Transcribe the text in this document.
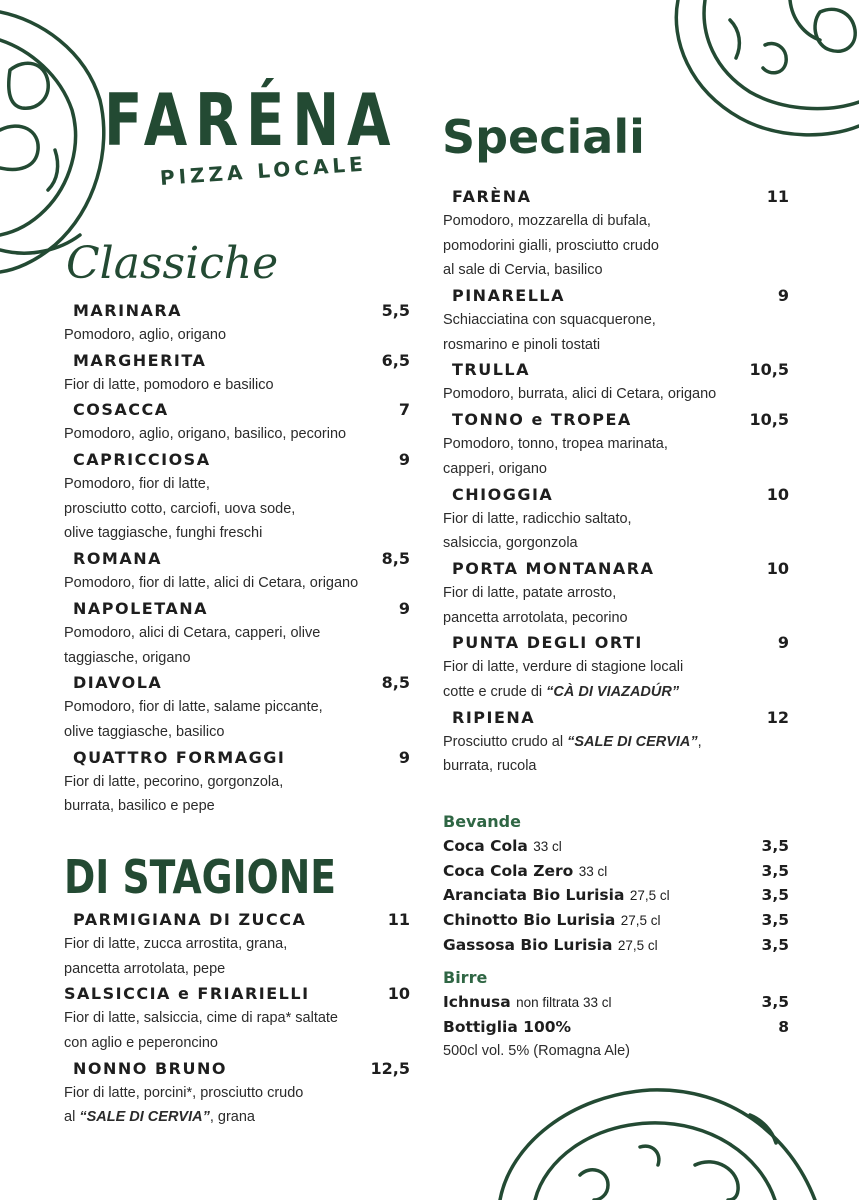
FARÉNA
PIZZA LOCALE
Classiche
MARINARA	5,5
Pomodoro, aglio, origano
MARGHERITA	6,5
Fior di latte, pomodoro e basilico
COSACCA	7
Pomodoro, aglio, origano, basilico, pecorino
CAPRICCIOSA	9
Pomodoro, fior di latte,
prosciutto cotto, carciofi, uova sode,
olive taggiasche, funghi freschi
ROMANA	8,5
Pomodoro, fior di latte, alici di Cetara, origano
NAPOLETANA	9
Pomodoro, alici di Cetara, capperi, olive
taggiasche, origano
DIAVOLA	8,5
Pomodoro, fior di latte, salame piccante,
olive taggiasche, basilico
QUATTRO FORMAGGI	9
Fior di latte, pecorino, gorgonzola,
burrata, basilico e pepe
DI STAGIONE
PARMIGIANA DI ZUCCA	11
Fior di latte, zucca arrostita, grana,
pancetta arrotolata, pepe
SALSICCIA e FRIARIELLI	10
Fior di latte, salsiccia, cime di rapa* saltate
con aglio e peperoncino
NONNO BRUNO	12,5
Fior di latte, porcini*, prosciutto crudo
al “SALE DI CERVIA”, grana
Speciali
FARÈNA	11
Pomodoro, mozzarella di bufala,
pomodorini gialli, prosciutto crudo
al sale di Cervia, basilico
PINARELLA	9
Schiacciatina con squacquerone,
rosmarino e pinoli tostati
TRULLA	10,5
Pomodoro, burrata, alici di Cetara, origano
TONNO e TROPEA	10,5
Pomodoro, tonno, tropea marinata,
capperi, origano
CHIOGGIA	10
Fior di latte, radicchio saltato,
salsiccia, gorgonzola
PORTA MONTANARA	10
Fior di latte, patate arrosto,
pancetta arrotolata, pecorino
PUNTA DEGLI ORTI	9
Fior di latte, verdure di stagione locali
cotte e crude di “CÀ DI VIAZADÚR”
RIPIENA	12
Prosciutto crudo al “SALE DI CERVIA”,
burrata, rucola
Bevande
Coca Cola 33 cl	3,5
Coca Cola Zero 33 cl	3,5
Aranciata Bio Lurisia 27,5 cl	3,5
Chinotto Bio Lurisia 27,5 cl	3,5
Gassosa Bio Lurisia 27,5 cl	3,5
Birre
Ichnusa non filtrata 33 cl	3,5
Bottiglia 100%	8
500cl vol. 5% (Romagna Ale)
